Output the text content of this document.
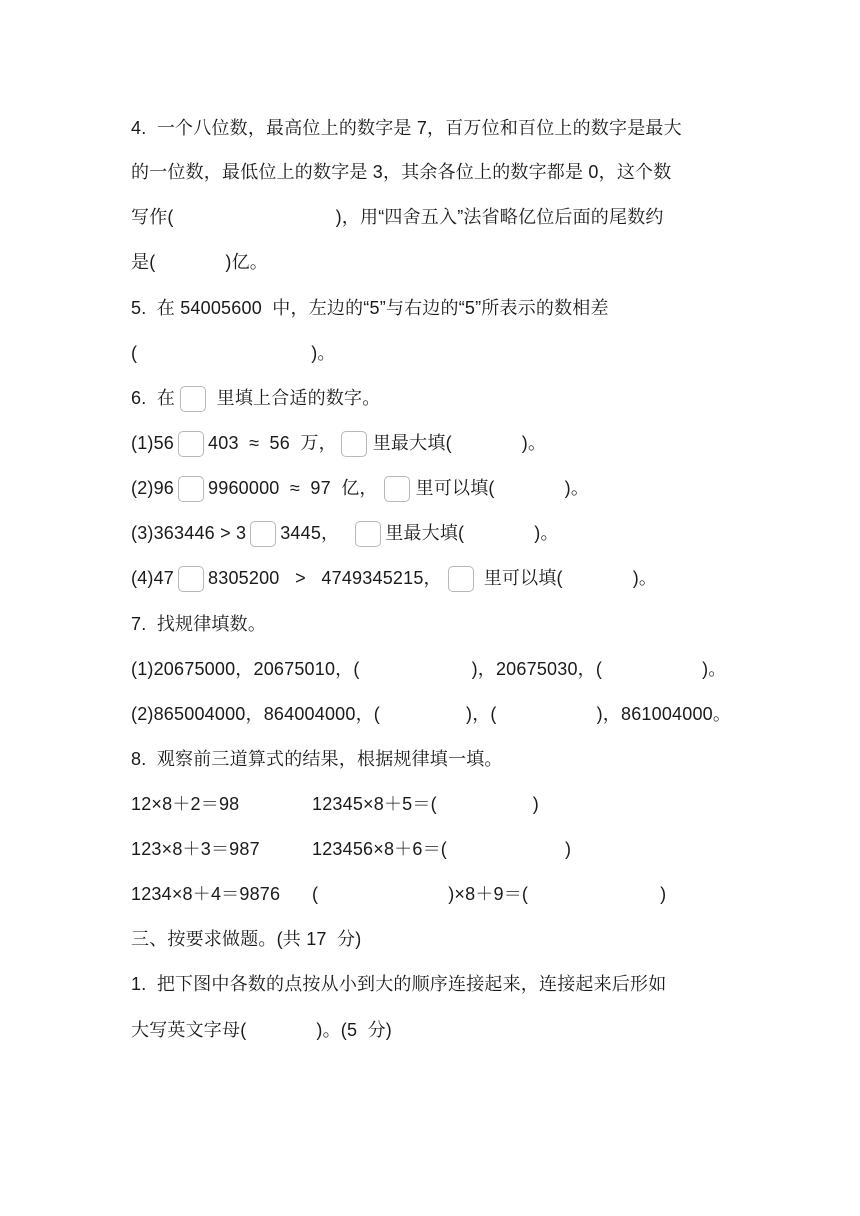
4.  一个八位数，最高位上的数字是 7，百万位和百位上的数字是最大
的一位数，最低位上的数字是 3，其余各位上的数字都是 0，这个数
写作(	)，用“四舍五入”法省略亿位后面的尾数约
是(	)亿。
5.  在 54005600  中，左边的“5”与右边的“5”所表示的数相差
(	)。
6.  在 里填上合适的数字。
(1)56 403  ≈  56  万， 里最大填(	)。
(2)96 9960000  ≈  97  亿， 里可以填(	)。
(3)363446 > 3 3445，	里最大填(	)。
(4)47 8305200   >   4749345215， 里可以填(	)。
7.  找规律填数。
(1)20675000，20675010，(	)，20675030，(	)。
(2)865004000，864004000，(	)，(	)，861004000。
8.  观察前三道算式的结果，根据规律填一填。
12×8＋2＝98	12345×8＋5＝(	)
123×8＋3＝987	123456×8＋6＝(	)
1234×8＋4＝9876 (	)×8＋9＝(	)
三、按要求做题。(共 17  分)
1.  把下图中各数的点按从小到大的顺序连接起来，连接起来后形如
大写英文字母(	)。(5  分)
